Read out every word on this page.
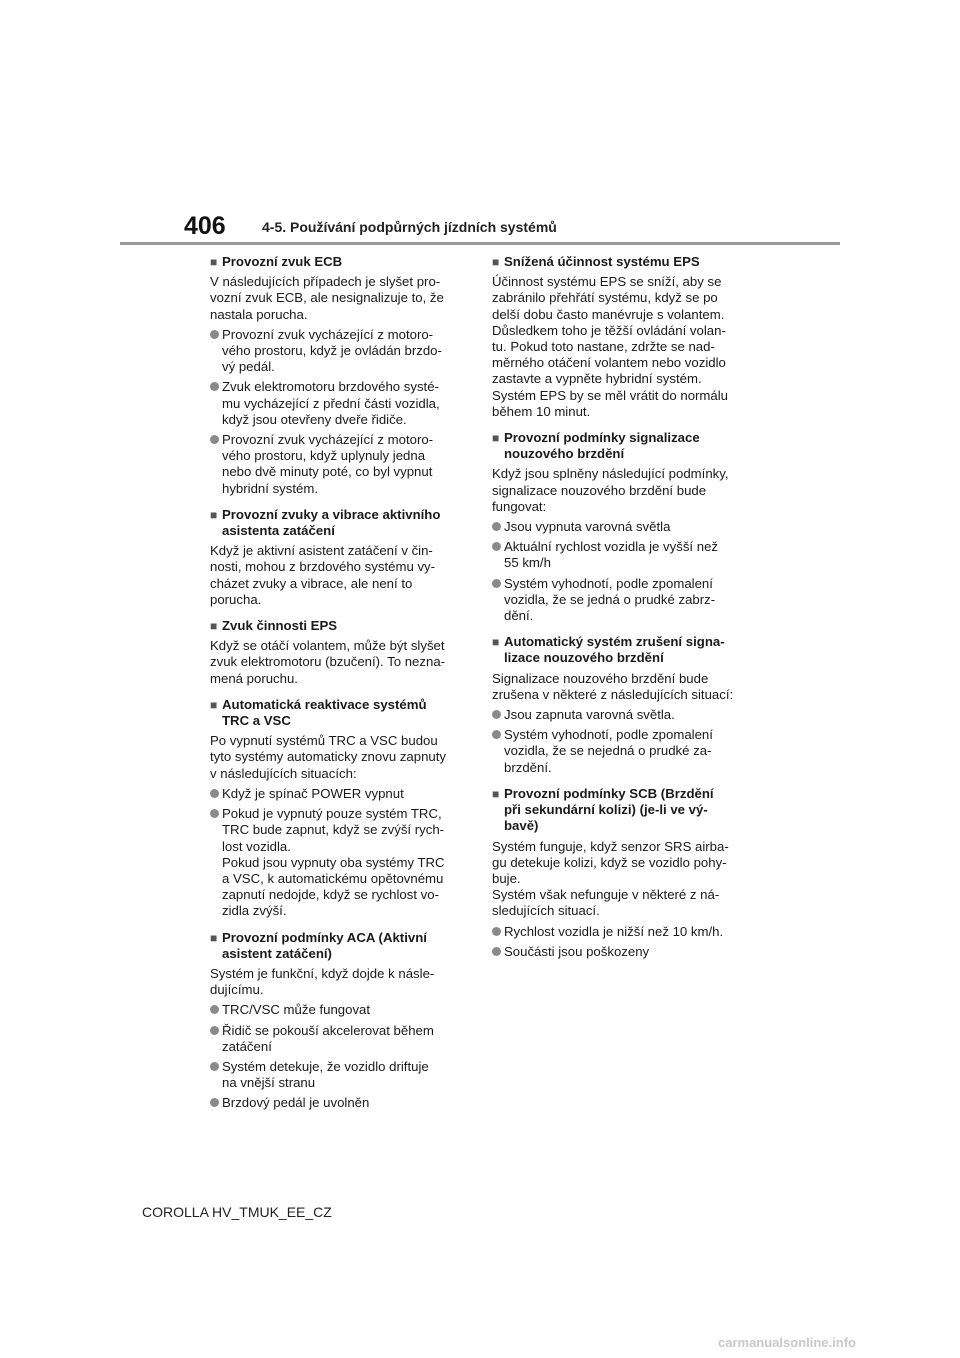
406	4-5. Používání podpůrných jízdních systémů
■ Provozní zvuk ECB
V následujících případech je slyšet pro-
vozní zvuk ECB, ale nesignalizuje to, že
nastala porucha.
Provozní zvuk vycházející z motoro-
vého prostoru, když je ovládán brzdo-
vý pedál.
Zvuk elektromotoru brzdového systé-
mu vycházející z přední části vozidla,
když jsou otevřeny dveře řidiče.
Provozní zvuk vycházející z motoro-
vého prostoru, když uplynuly jedna
nebo dvě minuty poté, co byl vypnut
hybridní systém.
■ Provozní zvuky a vibrace aktivního
asistenta zatáčení
Když je aktivní asistent zatáčení v čin-
nosti, mohou z brzdového systému vy-
cházet zvuky a vibrace, ale není to
porucha.
■ Zvuk činnosti EPS
Když se otáčí volantem, může být slyšet
zvuk elektromotoru (bzučení). To nezna-
mená poruchu.
■ Automatická reaktivace systémů
TRC a VSC
Po vypnutí systémů TRC a VSC budou
tyto systémy automaticky znovu zapnuty
v následujících situacích:
Když je spínač POWER vypnut
Pokud je vypnutý pouze systém TRC,
TRC bude zapnut, když se zvýší rych-
lost vozidla.
Pokud jsou vypnuty oba systémy TRC
a VSC, k automatickému opětovnému
zapnutí nedojde, když se rychlost vo-
zidla zvýší.
■ Provozní podmínky ACA (Aktivní
asistent zatáčení)
Systém je funkční, když dojde k násle-
dujícímu.
TRC/VSC může fungovat
Řidič se pokouší akcelerovat během
zatáčení
Systém detekuje, že vozidlo driftuje
na vnější stranu
Brzdový pedál je uvolněn
■ Snížená účinnost systému EPS
Účinnost systému EPS se sníží, aby se
zabránilo přehřátí systému, když se po
delší dobu často manévruje s volantem.
Důsledkem toho je těžší ovládání volan-
tu. Pokud toto nastane, zdržte se nad-
měrného otáčení volantem nebo vozidlo
zastavte a vypněte hybridní systém.
Systém EPS by se měl vrátit do normálu
během 10 minut.
■ Provozní podmínky signalizace
nouzového brzdění
Když jsou splněny následující podmínky,
signalizace nouzového brzdění bude
fungovat:
Jsou vypnuta varovná světla
Aktuální rychlost vozidla je vyšší než
55 km/h
Systém vyhodnotí, podle zpomalení
vozidla, že se jedná o prudké zabrz-
dění.
■ Automatický systém zrušení signa-
lizace nouzového brzdění
Signalizace nouzového brzdění bude
zrušena v některé z následujících situací:
Jsou zapnuta varovná světla.
Systém vyhodnotí, podle zpomalení
vozidla, že se nejedná o prudké za-
brzdění.
■ Provozní podmínky SCB (Brzdění
při sekundární kolizi) (je-li ve vý-
bavě)
Systém funguje, když senzor SRS airba-
gu detekuje kolizi, když se vozidlo pohy-
buje.
Systém však nefunguje v některé z ná-
sledujících situací.
Rychlost vozidla je nižší než 10 km/h.
Součásti jsou poškozeny
COROLLA HV_TMUK_EE_CZ
carmanualsonline.info
